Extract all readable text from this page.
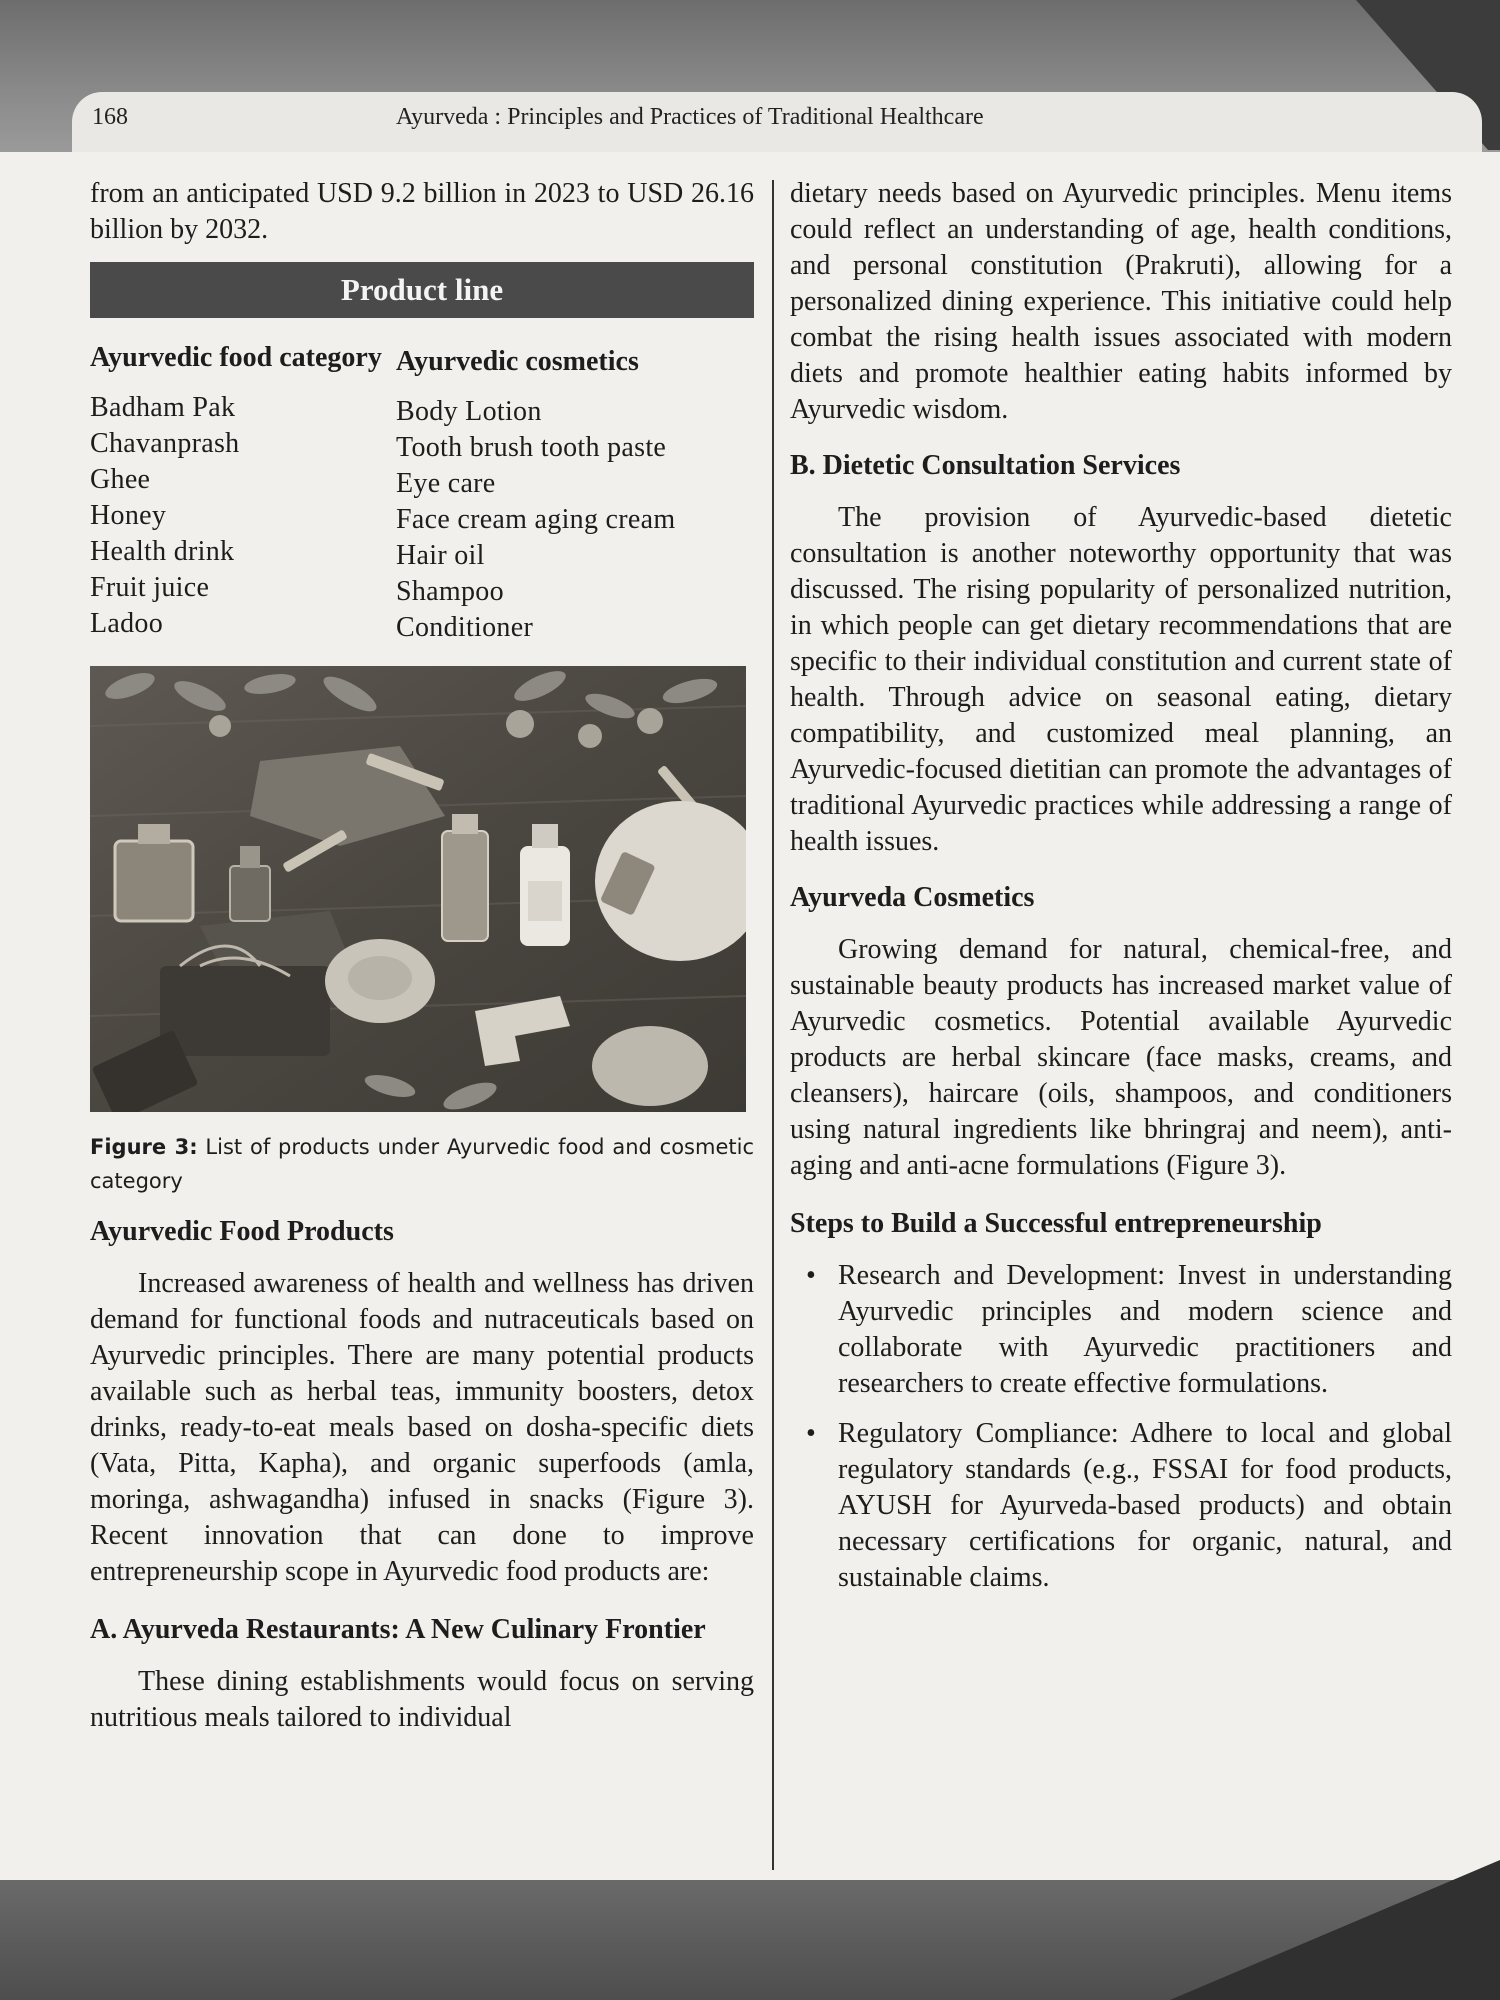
168	Ayurveda : Principles and Practices of Traditional Healthcare

from an anticipated USD 9.2 billion in 2023 to USD 26.16 billion by 2032.

Product line
Ayurvedic food category
Badham Pak
Chavanprash
Ghee
Honey
Health drink
Fruit juice
Ladoo
Ayurvedic cosmetics
Body Lotion
Tooth brush tooth paste
Eye care
Face cream aging cream
Hair oil
Shampoo
Conditioner

Figure 3: List of products under Ayurvedic food and cosmetic category

Ayurvedic Food Products

Increased awareness of health and wellness has driven demand for functional foods and nutraceuticals based on Ayurvedic principles. There are many potential products available such as herbal teas, immunity boosters, detox drinks, ready-to-eat meals based on dosha-specific diets (Vata, Pitta, Kapha), and organic superfoods (amla, moringa, ashwagandha) infused in snacks (Figure 3). Recent innovation that can done to improve entrepreneurship scope in Ayurvedic food products are:

A. Ayurveda Restaurants: A New Culinary Frontier

These dining establishments would focus on serving nutritious meals tailored to individual

dietary needs based on Ayurvedic principles. Menu items could reflect an understanding of age, health conditions, and personal constitution (Prakruti), allowing for a personalized dining experience. This initiative could help combat the rising health issues associated with modern diets and promote healthier eating habits informed by Ayurvedic wisdom.

B. Dietetic Consultation Services

The provision of Ayurvedic-based dietetic consultation is another noteworthy opportunity that was discussed. The rising popularity of personalized nutrition, in which people can get dietary recommendations that are specific to their individual constitution and current state of health. Through advice on seasonal eating, dietary compatibility, and customized meal planning, an Ayurvedic-focused dietitian can promote the advantages of traditional Ayurvedic practices while addressing a range of health issues.

Ayurveda Cosmetics

Growing demand for natural, chemical-free, and sustainable beauty products has increased market value of Ayurvedic cosmetics. Potential available Ayurvedic products are herbal skincare (face masks, creams, and cleansers), haircare (oils, shampoos, and conditioners using natural ingredients like bhringraj and neem), anti-aging and anti-acne formulations (Figure 3).

Steps to Build a Successful entrepreneurship
• Research and Development: Invest in understanding Ayurvedic principles and modern science and collaborate with Ayurvedic practitioners and researchers to create effective formulations.
• Regulatory Compliance: Adhere to local and global regulatory standards (e.g., FSSAI for food products, AYUSH for Ayurveda-based products) and obtain necessary certifications for organic, natural, and sustainable claims.
